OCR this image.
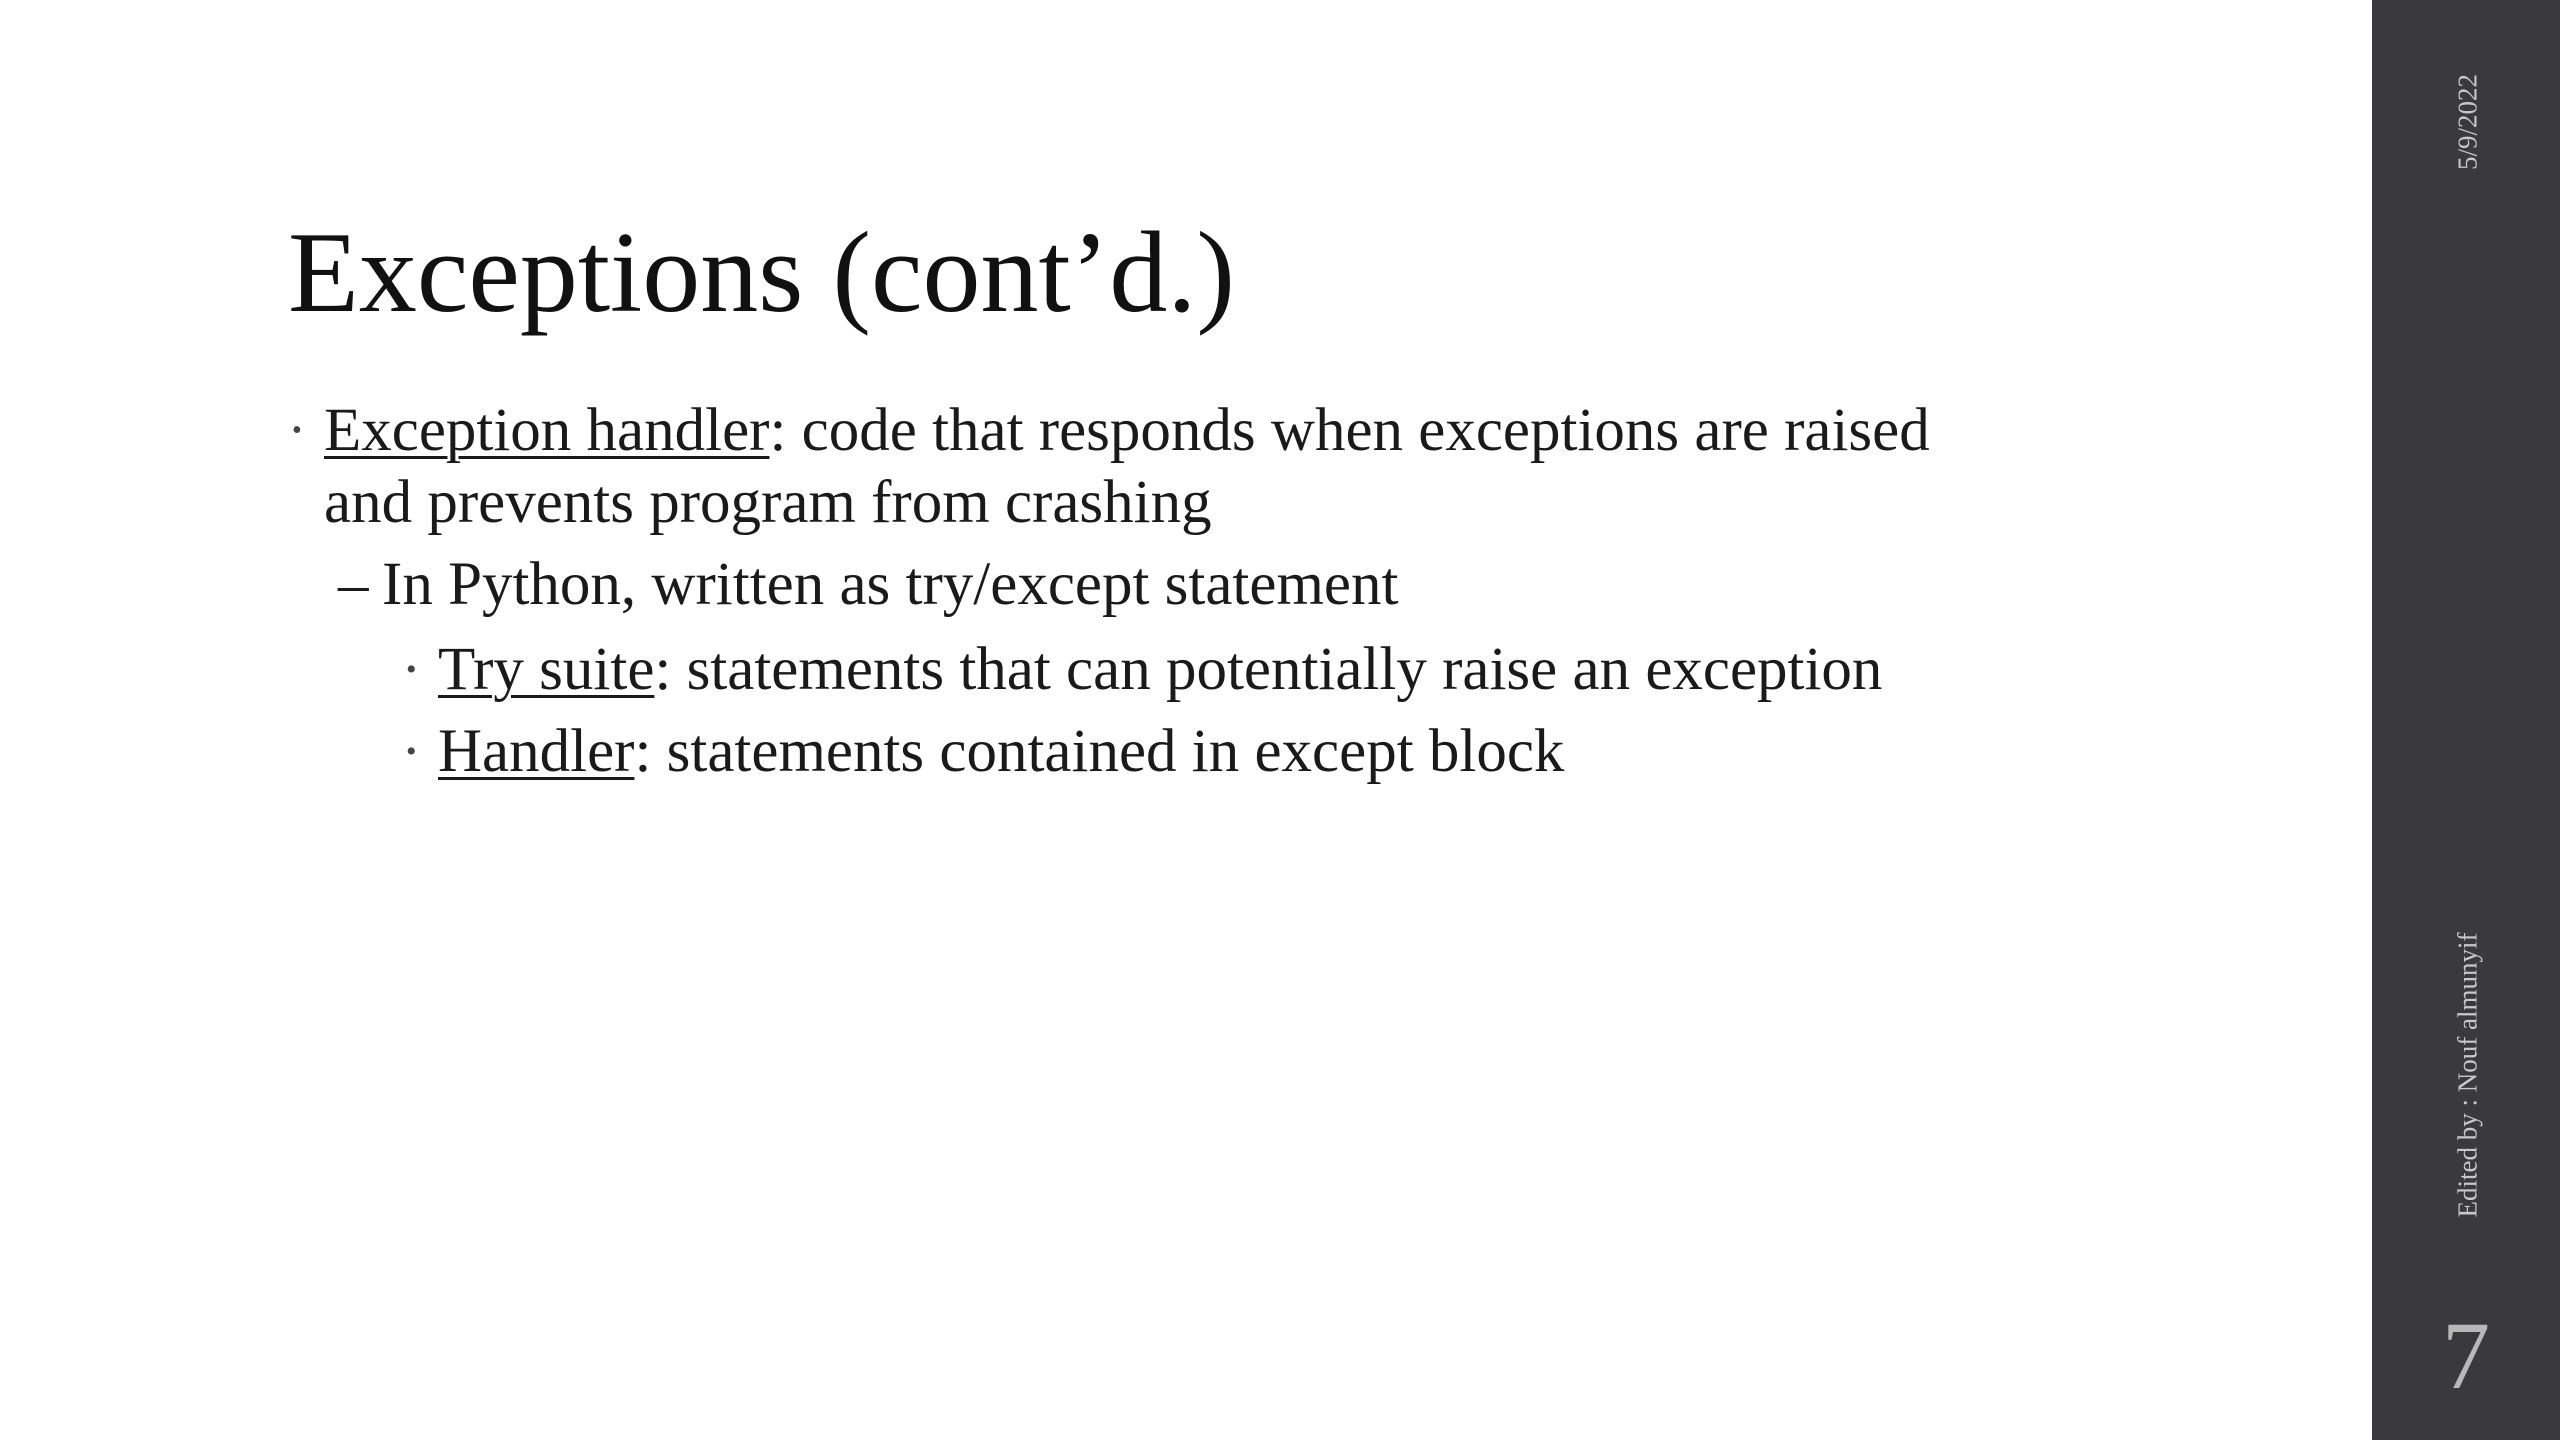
Exceptions (cont’d.)
• Exception handler: code that responds when exceptions are raised and prevents program from crashing
– In Python, written as try/except statement
• Try suite: statements that can potentially raise an exception
• Handler: statements contained in except block
5/9/2022
Edited by : Nouf almunyif
7
